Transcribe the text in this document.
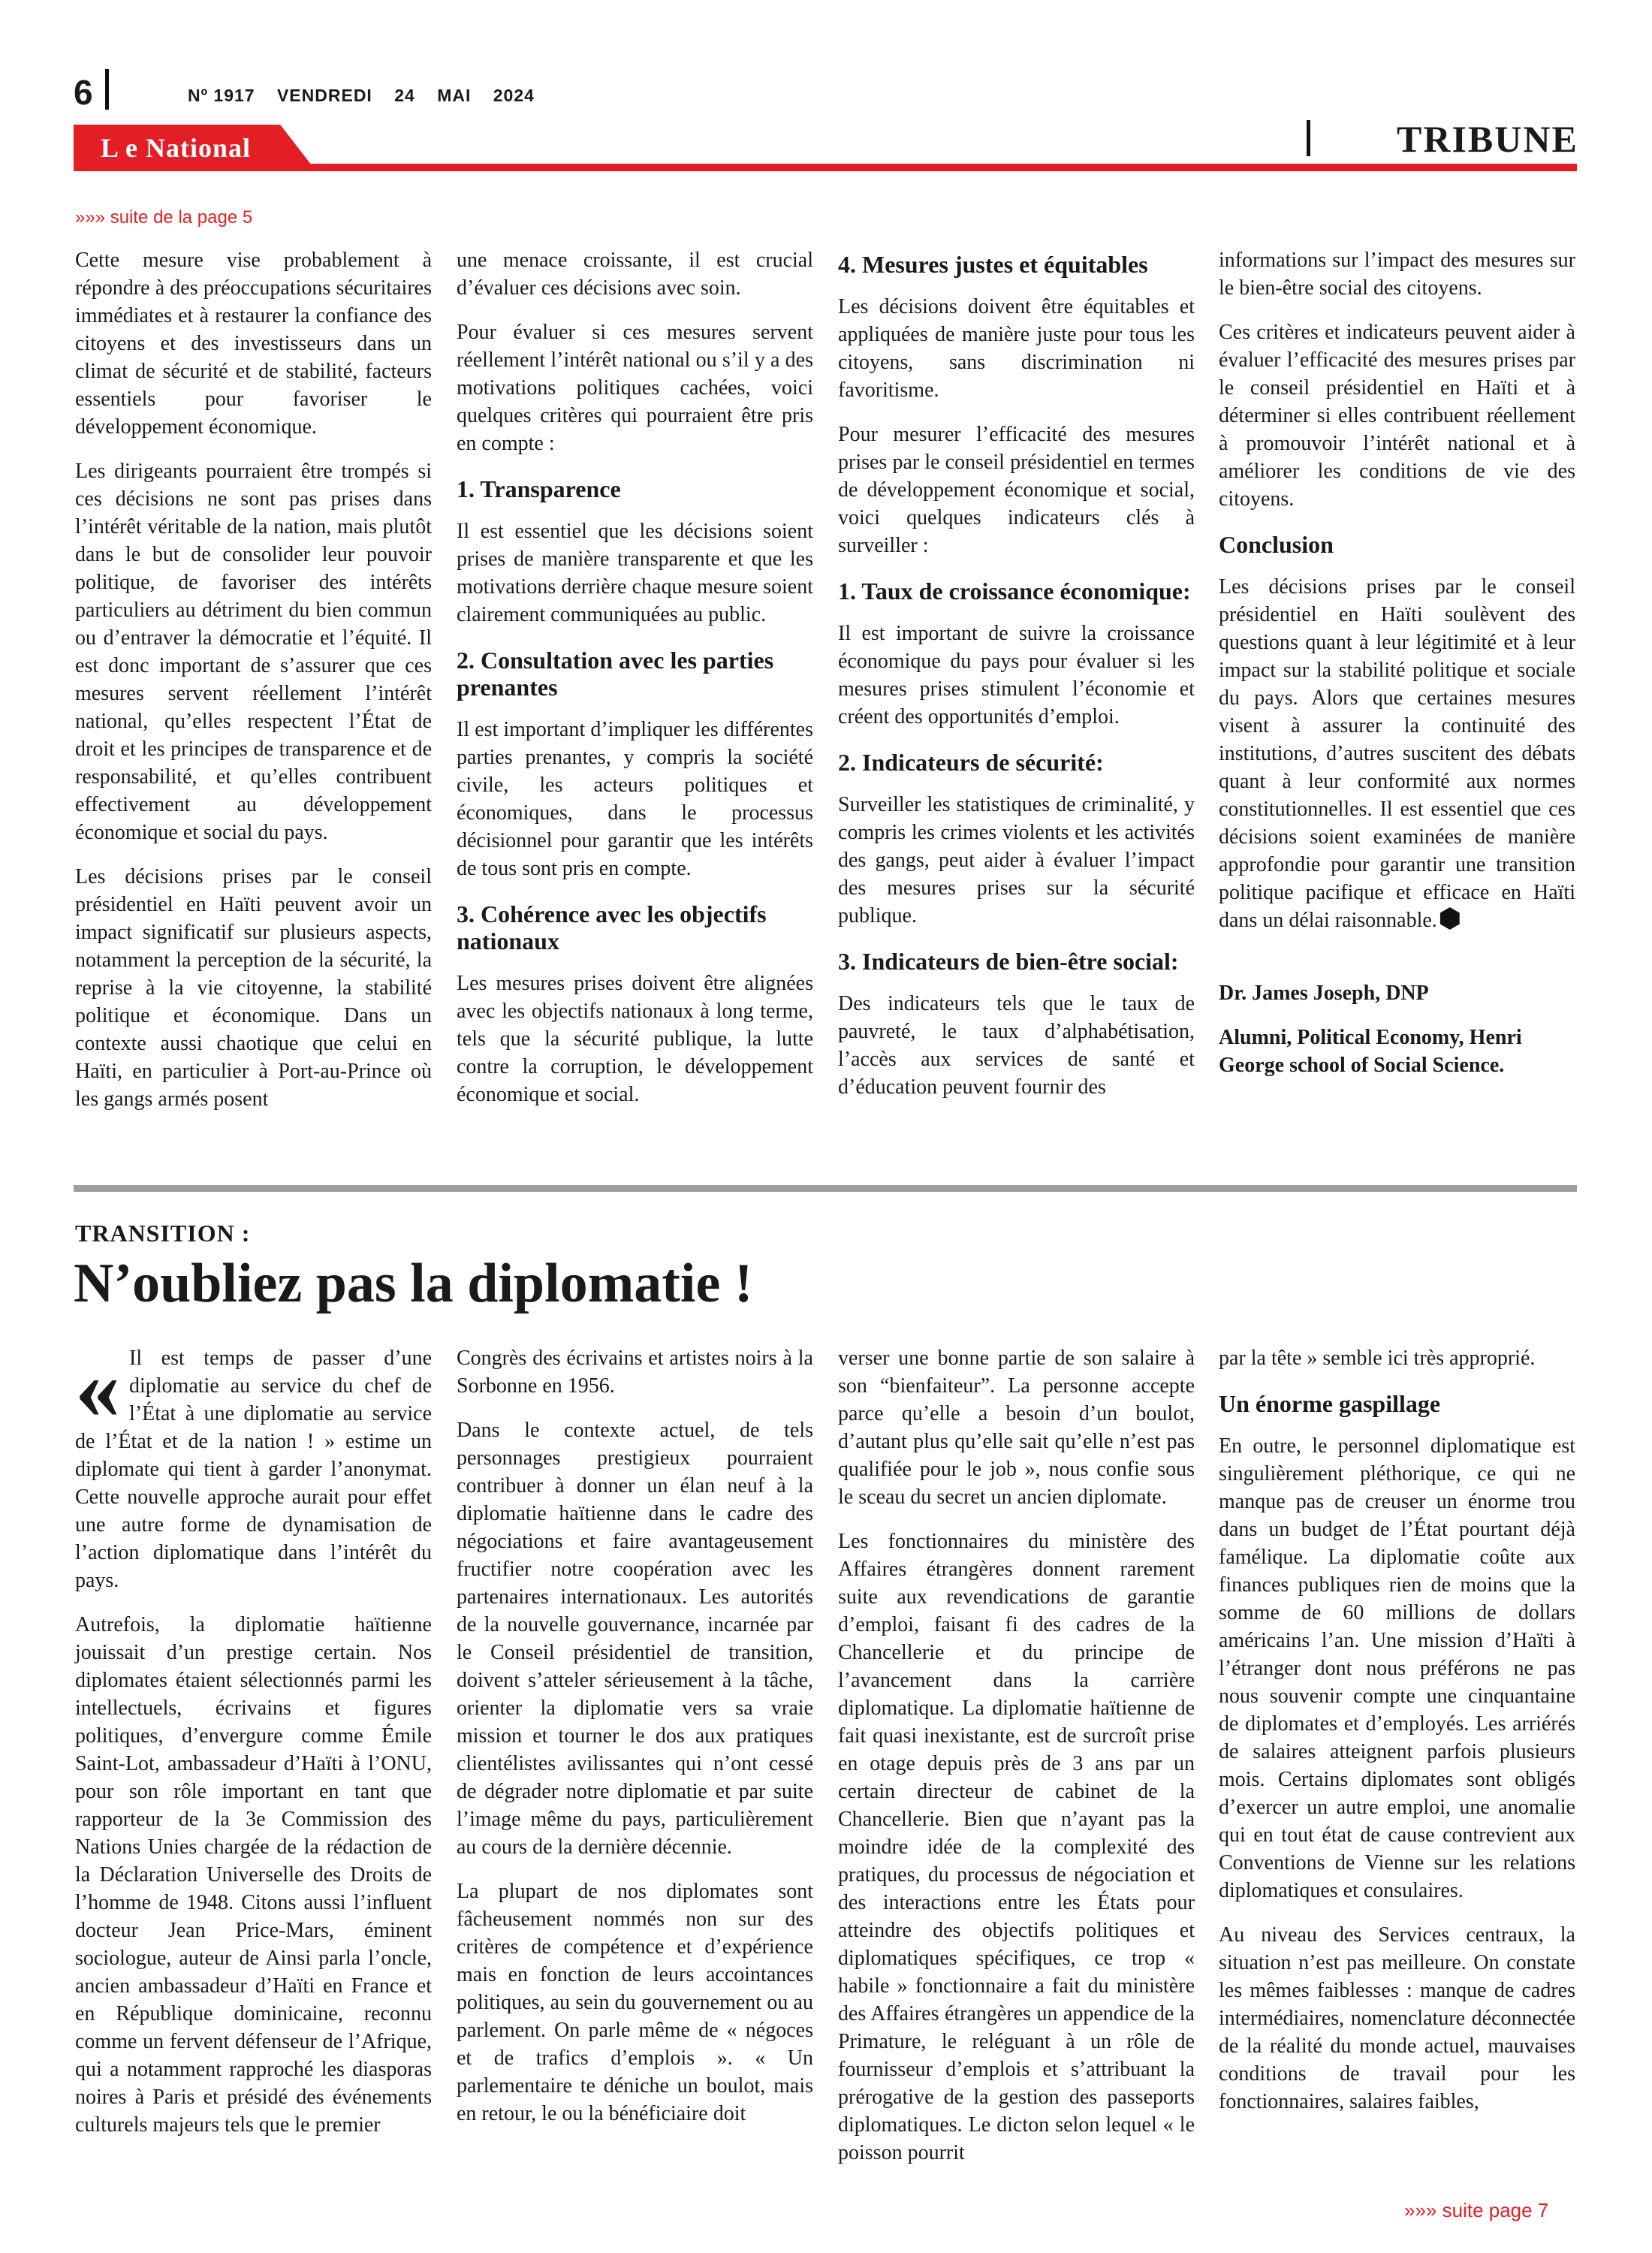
6	Nº 1917 VENDREDI 24 MAI 2024
L e National	TRIBUNE
»»» suite de la page 5

Cette mesure vise probablement à répondre à des préoccupations sécuritaires immédiates et à restaurer la confiance des citoyens et des investisseurs dans un climat de sécurité et de stabilité, facteurs essentiels pour favoriser le développement économique.

Les dirigeants pourraient être trompés si ces décisions ne sont pas prises dans l’intérêt véritable de la nation, mais plutôt dans le but de consolider leur pouvoir politique, de favoriser des intérêts particuliers au détriment du bien commun ou d’entraver la démocratie et l’équité. Il est donc important de s’assurer que ces mesures servent réellement l’intérêt national, qu’elles respectent l’État de droit et les principes de transparence et de responsabilité, et qu’elles contribuent effectivement au développement économique et social du pays.

Les décisions prises par le conseil présidentiel en Haïti peuvent avoir un impact significatif sur plusieurs aspects, notamment la perception de la sécurité, la reprise à la vie citoyenne, la stabilité politique et économique. Dans un contexte aussi chaotique que celui en Haïti, en particulier à Port-au-Prince où les gangs armés posent

une menace croissante, il est crucial d’évaluer ces décisions avec soin.

Pour évaluer si ces mesures servent réellement l’intérêt national ou s’il y a des motivations politiques cachées, voici quelques critères qui pourraient être pris en compte :

1. Transparence

Il est essentiel que les décisions soient prises de manière transparente et que les motivations derrière chaque mesure soient clairement communiquées au public.

2. Consultation avec les parties prenantes

Il est important d’impliquer les différentes parties prenantes, y compris la société civile, les acteurs politiques et économiques, dans le processus décisionnel pour garantir que les intérêts de tous sont pris en compte.

3. Cohérence avec les objectifs nationaux

Les mesures prises doivent être alignées avec les objectifs nationaux à long terme, tels que la sécurité publique, la lutte contre la corruption, le développement économique et social.

4. Mesures justes et équitables

Les décisions doivent être équitables et appliquées de manière juste pour tous les citoyens, sans discrimination ni favoritisme.

Pour mesurer l’efficacité des mesures prises par le conseil présidentiel en termes de développement économique et social, voici quelques indicateurs clés à surveiller :

1. Taux de croissance économique:

Il est important de suivre la croissance économique du pays pour évaluer si les mesures prises stimulent l’économie et créent des opportunités d’emploi.

2. Indicateurs de sécurité:

Surveiller les statistiques de criminalité, y compris les crimes violents et les activités des gangs, peut aider à évaluer l’impact des mesures prises sur la sécurité publique.

3. Indicateurs de bien-être social:

Des indicateurs tels que le taux de pauvreté, le taux d’alphabétisation, l’accès aux services de santé et d’éducation peuvent fournir des

informations sur l’impact des mesures sur le bien-être social des citoyens.

Ces critères et indicateurs peuvent aider à évaluer l’efficacité des mesures prises par le conseil présidentiel en Haïti et à déterminer si elles contribuent réellement à promouvoir l’intérêt national et à améliorer les conditions de vie des citoyens.

Conclusion

Les décisions prises par le conseil présidentiel en Haïti soulèvent des questions quant à leur légitimité et à leur impact sur la stabilité politique et sociale du pays. Alors que certaines mesures visent à assurer la continuité des institutions, d’autres suscitent des débats quant à leur conformité aux normes constitutionnelles. Il est essentiel que ces décisions soient examinées de manière approfondie pour garantir une transition politique pacifique et efficace en Haïti dans un délai raisonnable.

Dr. James Joseph, DNP

Alumni, Political Economy, Henri George school of Social Science.

TRANSITION :
N’oubliez pas la diplomatie !

« Il est temps de passer d’une diplomatie au service du chef de l’État à une diplomatie au service de l’État et de la nation ! » estime un diplomate qui tient à garder l’anonymat. Cette nouvelle approche aurait pour effet une autre forme de dynamisation de l’action diplomatique dans l’intérêt du pays.

Autrefois, la diplomatie haïtienne jouissait d’un prestige certain. Nos diplomates étaient sélectionnés parmi les intellectuels, écrivains et figures politiques, d’envergure comme Émile Saint-Lot, ambassadeur d’Haïti à l’ONU, pour son rôle important en tant que rapporteur de la 3e Commission des Nations Unies chargée de la rédaction de la Déclaration Universelle des Droits de l’homme de 1948. Citons aussi l’influent docteur Jean Price-Mars, éminent sociologue, auteur de Ainsi parla l’oncle, ancien ambassadeur d’Haïti en France et en République dominicaine, reconnu comme un fervent défenseur de l’Afrique, qui a notamment rapproché les diasporas noires à Paris et présidé des événements culturels majeurs tels que le premier

Congrès des écrivains et artistes noirs à la Sorbonne en 1956.

Dans le contexte actuel, de tels personnages prestigieux pourraient contribuer à donner un élan neuf à la diplomatie haïtienne dans le cadre des négociations et faire avantageusement fructifier notre coopération avec les partenaires internationaux. Les autorités de la nouvelle gouvernance, incarnée par le Conseil présidentiel de transition, doivent s’atteler sérieusement à la tâche, orienter la diplomatie vers sa vraie mission et tourner le dos aux pratiques clientélistes avilissantes qui n’ont cessé de dégrader notre diplomatie et par suite l’image même du pays, particulièrement au cours de la dernière décennie.

La plupart de nos diplomates sont fâcheusement nommés non sur des critères de compétence et d’expérience mais en fonction de leurs accointances politiques, au sein du gouvernement ou au parlement. On parle même de « négoces et de trafics d’emplois ». « Un parlementaire te déniche un boulot, mais en retour, le ou la bénéficiaire doit

verser une bonne partie de son salaire à son “bienfaiteur”. La personne accepte parce qu’elle a besoin d’un boulot, d’autant plus qu’elle sait qu’elle n’est pas qualifiée pour le job », nous confie sous le sceau du secret un ancien diplomate.

Les fonctionnaires du ministère des Affaires étrangères donnent rarement suite aux revendications de garantie d’emploi, faisant fi des cadres de la Chancellerie et du principe de l’avancement dans la carrière diplomatique. La diplomatie haïtienne de fait quasi inexistante, est de surcroît prise en otage depuis près de 3 ans par un certain directeur de cabinet de la Chancellerie. Bien que n’ayant pas la moindre idée de la complexité des pratiques, du processus de négociation et des interactions entre les États pour atteindre des objectifs politiques et diplomatiques spécifiques, ce trop « habile » fonctionnaire a fait du ministère des Affaires étrangères un appendice de la Primature, le reléguant à un rôle de fournisseur d’emplois et s’attribuant la prérogative de la gestion des passeports diplomatiques. Le dicton selon lequel « le poisson pourrit

par la tête » semble ici très approprié.

Un énorme gaspillage

En outre, le personnel diplomatique est singulièrement pléthorique, ce qui ne manque pas de creuser un énorme trou dans un budget de l’État pourtant déjà famélique. La diplomatie coûte aux finances publiques rien de moins que la somme de 60 millions de dollars américains l’an. Une mission d’Haïti à l’étranger dont nous préférons ne pas nous souvenir compte une cinquantaine de diplomates et d’employés. Les arriérés de salaires atteignent parfois plusieurs mois. Certains diplomates sont obligés d’exercer un autre emploi, une anomalie qui en tout état de cause contrevient aux Conventions de Vienne sur les relations diplomatiques et consulaires.

Au niveau des Services centraux, la situation n’est pas meilleure. On constate les mêmes faiblesses : manque de cadres intermédiaires, nomenclature déconnectée de la réalité du monde actuel, mauvaises conditions de travail pour les fonctionnaires, salaires faibles,

»»» suite page 7
